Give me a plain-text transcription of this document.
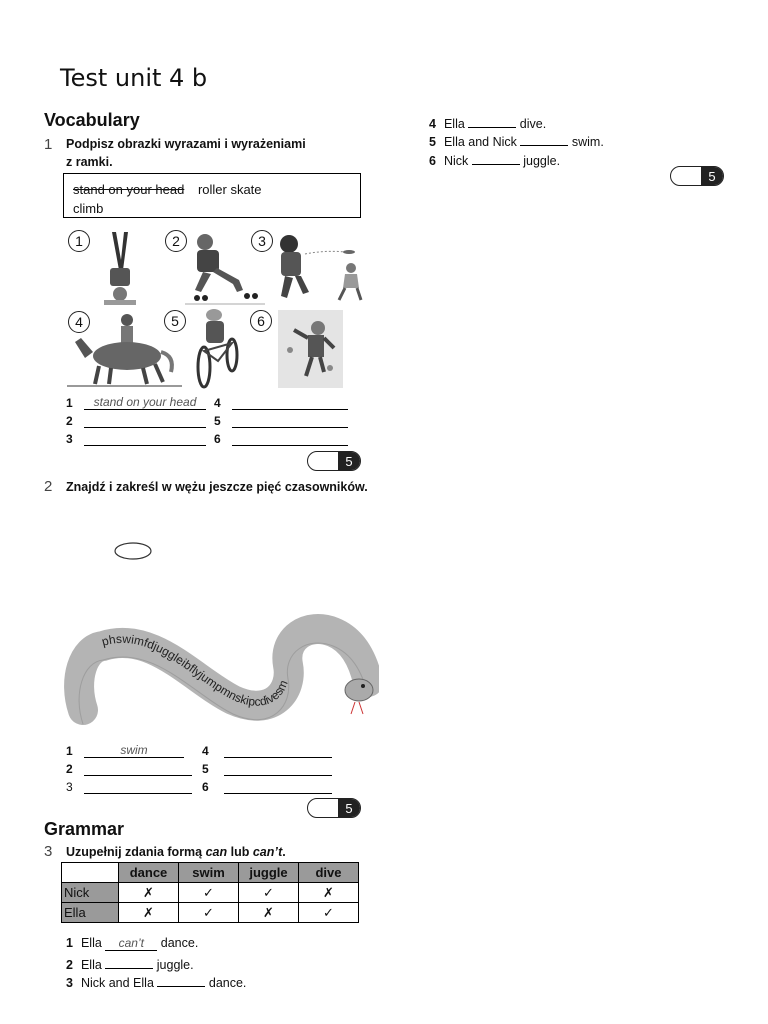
Test unit 4 b
Vocabulary
1 Podpisz obrazki wyrazami i wyrażeniami
z ramki.
stand on your head roller skate
climb
1	2	3
4	5	6
1	stand on your head
2
3
4
5
6
5
2 Znajdź i zakreśl w wężu jeszcze pięć czasowników.
phswimfdjuggleibflyjumpmnskipcdivesm
1	swim
2
3
4
5
6
5
Grammar
3 Uzupełnij zdania formą can lub can’t.
	dance	swim	juggle	dive
Nick	✗	✓	✓	✗
Ella	✗	✓	✗	✓
1 Ella can’t dance.
2 Ella	juggle.
3 Nick and Ella	dance.
4 Ella	dive.
5 Ella and Nick	swim.
6 Nick	juggle.
5
